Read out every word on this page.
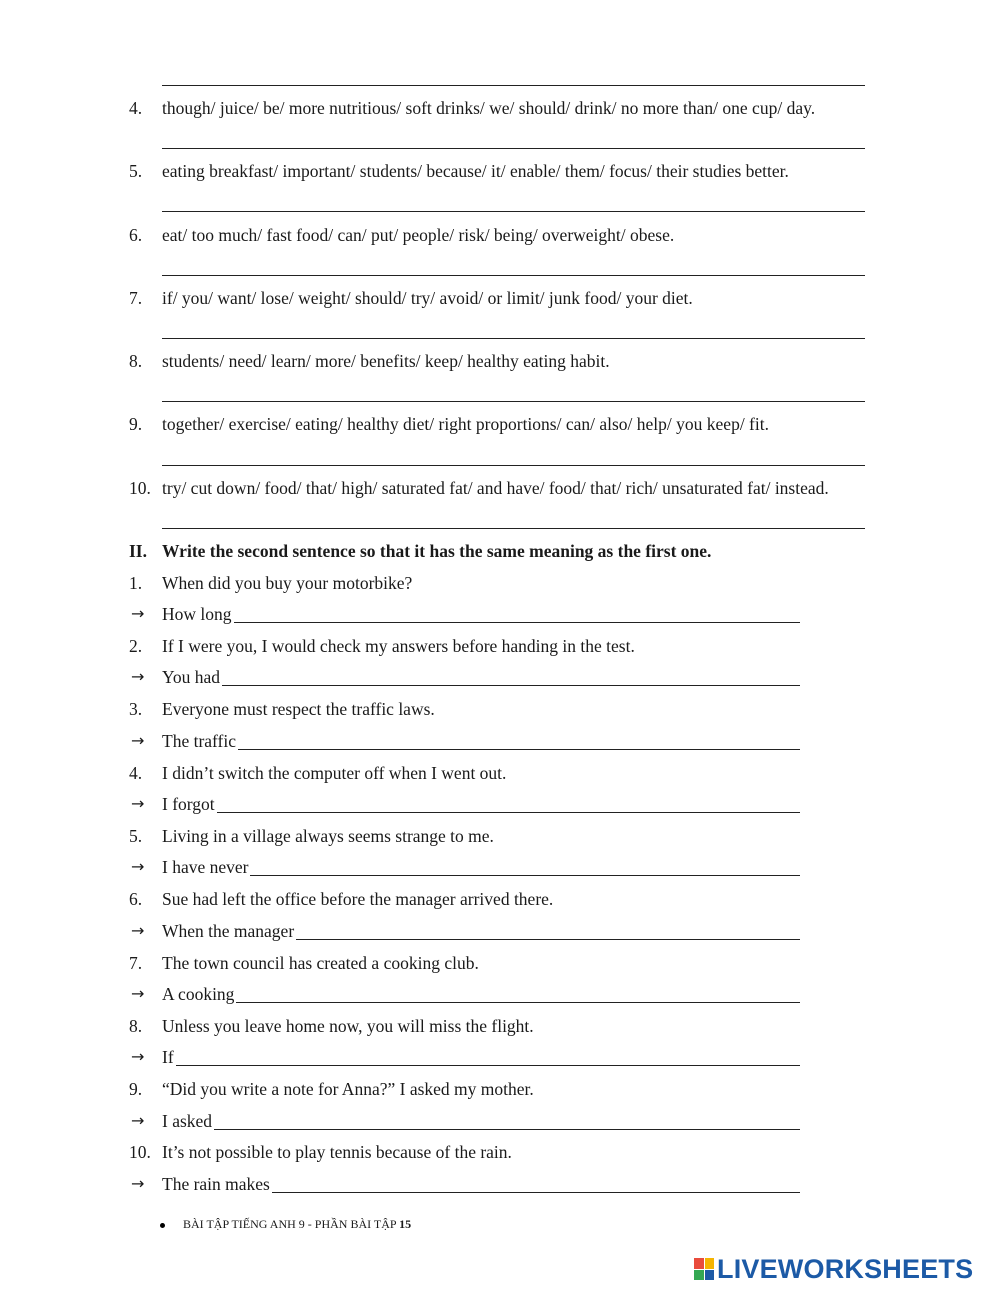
4. though/ juice/ be/ more nutritious/ soft drinks/ we/ should/ drink/ no more than/ one cup/ day.
5. eating breakfast/ important/ students/ because/ it/ enable/ them/ focus/ their studies better.
6. eat/ too much/ fast food/ can/ put/ people/ risk/ being/ overweight/ obese.
7. if/ you/ want/ lose/ weight/ should/ try/ avoid/ or limit/ junk food/ your diet.
8. students/ need/ learn/ more/ benefits/ keep/ healthy eating habit.
9. together/ exercise/ eating/ healthy diet/ right proportions/ can/ also/ help/ you keep/ fit.
10. try/ cut down/ food/ that/ high/ saturated fat/ and have/ food/ that/ rich/ unsaturated fat/ instead.
II. Write the second sentence so that it has the same meaning as the first one.
1. When did you buy your motorbike?
→ How long
2. If I were you, I would check my answers before handing in the test.
→ You had
3. Everyone must respect the traffic laws.
→ The traffic
4. I didn’t switch the computer off when I went out.
→ I forgot
5. Living in a village always seems strange to me.
→ I have never
6. Sue had left the office before the manager arrived there.
→ When the manager
7. The town council has created a cooking club.
→ A cooking
8. Unless you leave home now, you will miss the flight.
→ If
9. “Did you write a note for Anna?” I asked my mother.
→ I asked
10. It’s not possible to play tennis because of the rain.
→ The rain makes
BÀI TẬP TIẾNG ANH 9 - PHẦN BÀI TẬP 15
LIVEWORKSHEETS
